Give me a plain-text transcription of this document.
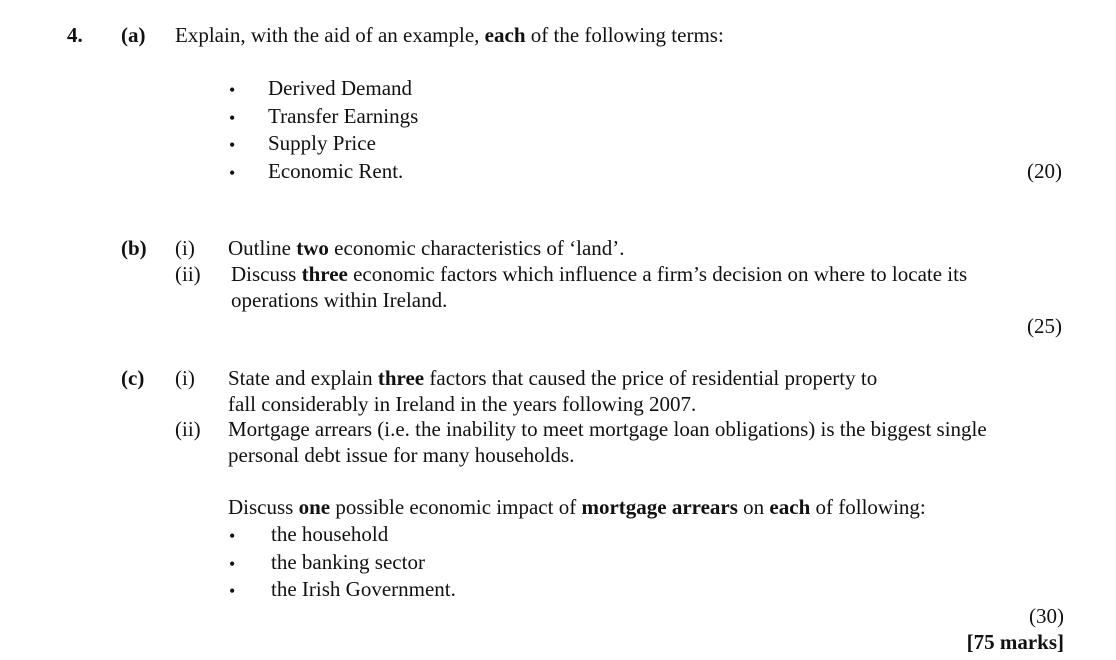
4. (a) Explain, with the aid of an example, each of the following terms:
• Derived Demand
• Transfer Earnings
• Supply Price
• Economic Rent.	(20)
(b) (i) Outline two economic characteristics of ‘land’.
(ii) Discuss three economic factors which influence a firm’s decision on where to locate its
operations within Ireland.
(25)
(c) (i) State and explain three factors that caused the price of residential property to
fall considerably in Ireland in the years following 2007.
(ii) Mortgage arrears (i.e. the inability to meet mortgage loan obligations) is the biggest single
personal debt issue for many households.
Discuss one possible economic impact of mortgage arrears on each of following:
• the household
• the banking sector
• the Irish Government.
(30)
[75 marks]
